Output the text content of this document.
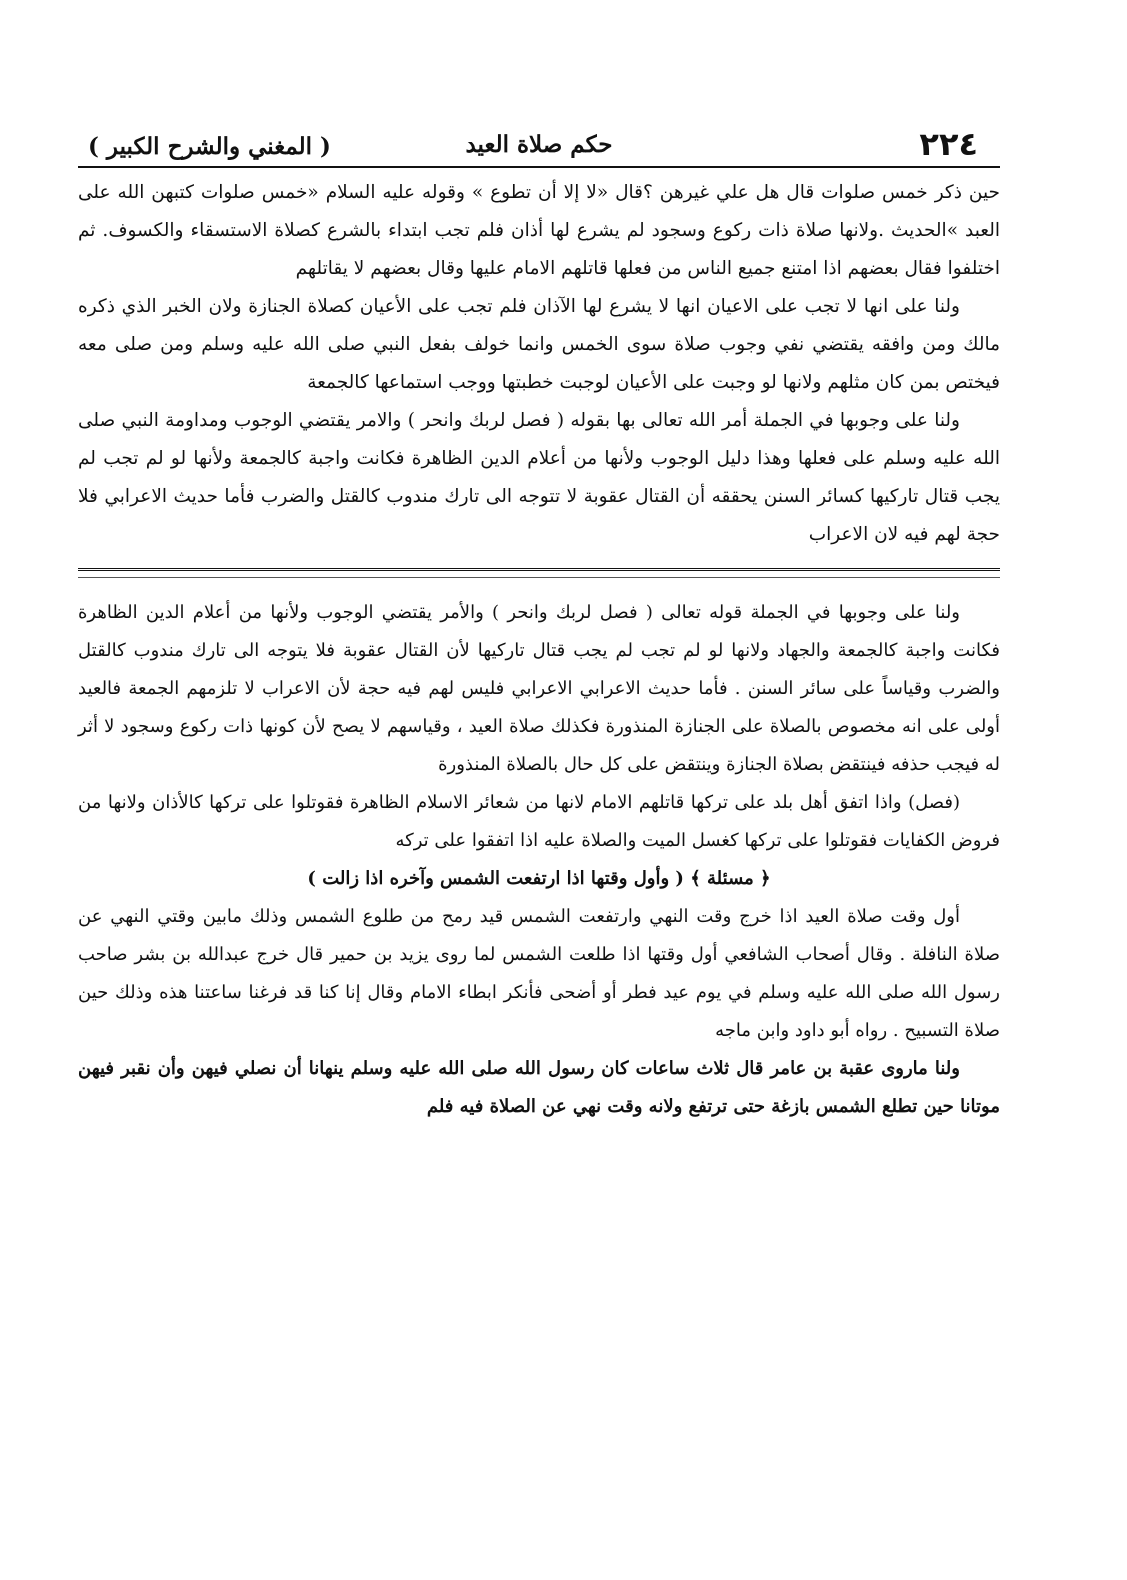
٢٢٤
حكم صلاة العيد
( المغني والشرح الكبير )

حين ذكر خمس صلوات قال هل علي غيرهن ؟قال «لا إلا أن تطوع » وقوله عليه السلام «خمس صلوات كتبهن الله على العبد »الحديث .ولانها صلاة ذات ركوع وسجود لم يشرع لها أذان فلم تجب ابتداء بالشرع كصلاة الاستسقاء والكسوف. ثم اختلفوا فقال بعضهم اذا امتنع جميع الناس من فعلها قاتلهم الامام عليها وقال بعضهم لا يقاتلهم

ولنا على انها لا تجب على الاعيان انها لا يشرع لها الآذان فلم تجب على الأعيان كصلاة الجنازة ولان الخبر الذي ذكره مالك ومن وافقه يقتضي نفي وجوب صلاة سوى الخمس وانما خولف بفعل النبي صلى الله عليه وسلم ومن صلى معه فيختص بمن كان مثلهم ولانها لو وجبت على الأعيان لوجبت خطبتها ووجب استماعها كالجمعة

ولنا على وجوبها في الجملة أمر الله تعالى بها بقوله ( فصل لربك وانحر ) والامر يقتضي الوجوب ومداومة النبي صلى الله عليه وسلم على فعلها وهذا دليل الوجوب ولأنها من أعلام الدين الظاهرة فكانت واجبة كالجمعة ولأنها لو لم تجب لم يجب قتال تاركيها كسائر السنن يحققه أن القتال عقوبة لا تتوجه الى تارك مندوب كالقتل والضرب فأما حديث الاعرابي فلا حجة لهم فيه لان الاعراب

ولنا على وجوبها في الجملة قوله تعالى ( فصل لربك وانحر ) والأمر يقتضي الوجوب ولأنها من أعلام الدين الظاهرة فكانت واجبة كالجمعة والجهاد ولانها لو لم تجب لم يجب قتال تاركيها لأن القتال عقوبة فلا يتوجه الى تارك مندوب كالقتل والضرب وقياساً على سائر السنن . فأما حديث الاعرابي الاعرابي فليس لهم فيه حجة لأن الاعراب لا تلزمهم الجمعة فالعيد أولى على انه مخصوص بالصلاة على الجنازة المنذورة فكذلك صلاة العيد ، وقياسهم لا يصح لأن كونها ذات ركوع وسجود لا أثر له فيجب حذفه فينتقض بصلاة الجنازة وينتقض على كل حال بالصلاة المنذورة

(فصل) واذا اتفق أهل بلد على تركها قاتلهم الامام لانها من شعائر الاسلام الظاهرة فقوتلوا على تركها كالأذان ولانها من فروض الكفايات فقوتلوا على تركها كغسل الميت والصلاة عليه اذا اتفقوا على تركه

﴿ مسئلة ﴾ ( وأول وقتها اذا ارتفعت الشمس وآخره اذا زالت )

أول وقت صلاة العيد اذا خرج وقت النهي وارتفعت الشمس قيد رمح من طلوع الشمس وذلك مابين وقتي النهي عن صلاة النافلة . وقال أصحاب الشافعي أول وقتها اذا طلعت الشمس لما روى يزيد بن حمير قال خرج عبدالله بن بشر صاحب رسول الله صلى الله عليه وسلم في يوم عيد فطر أو أضحى فأنكر ابطاء الامام وقال إنا كنا قد فرغنا ساعتنا هذه وذلك حين صلاة التسبيح . رواه أبو داود وابن ماجه

ولنا ماروى عقبة بن عامر قال ثلاث ساعات كان رسول الله صلى الله عليه وسلم ينهانا أن نصلي فيهن وأن نقبر فيهن موتانا حين تطلع الشمس بازغة حتى ترتفع ولانه وقت نهي عن الصلاة فيه فلم
